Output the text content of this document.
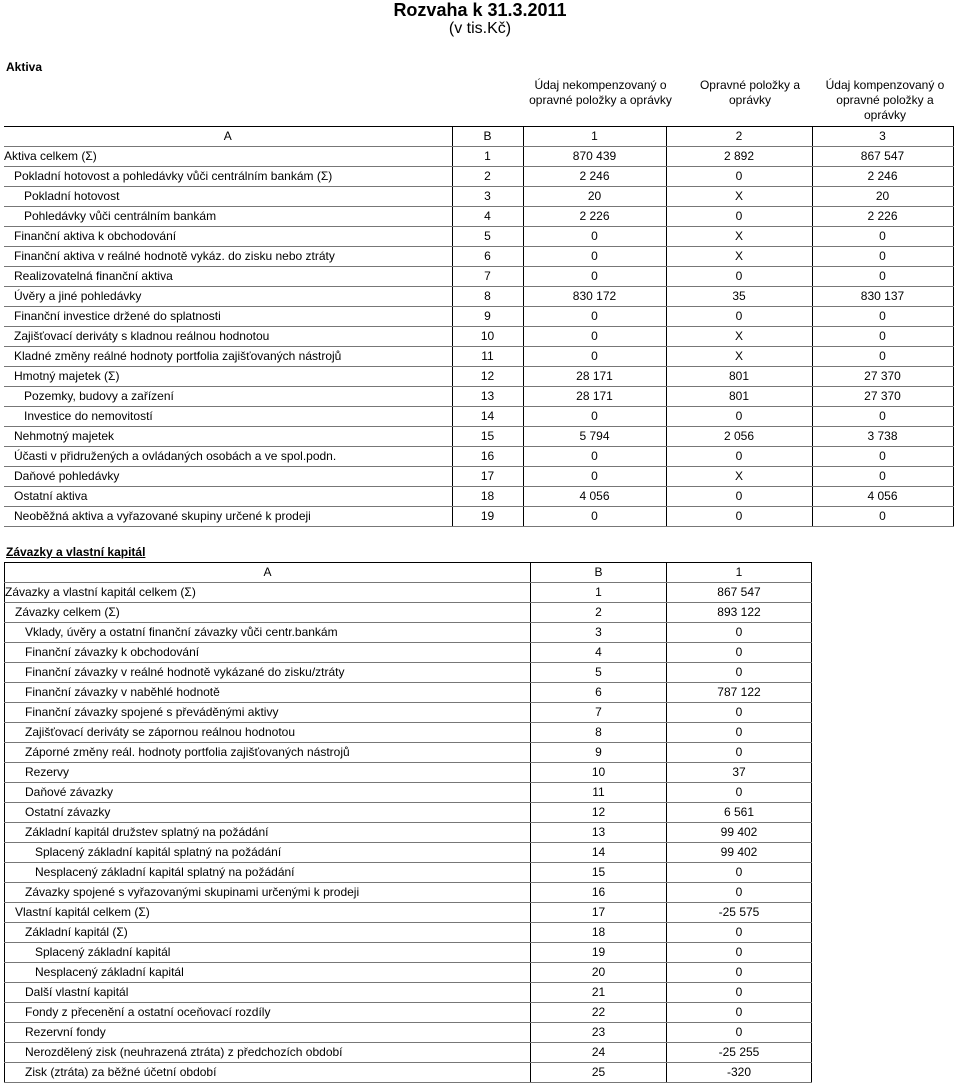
Rozvaha k 31.3.2011
(v tis.Kč)
Aktiva
Údaj nekompenzovaný o opravné položky a oprávky
Opravné položky a oprávky
Údaj kompenzovaný o opravné položky a oprávky
A	B	1	2	3
Aktiva celkem (Σ)	1	870 439	2 892	867 547
Pokladní hotovost a pohledávky vůči centrálním bankám (Σ)	2	2 246	0	2 246
Pokladní hotovost	3	20	X	20
Pohledávky vůči centrálním bankám	4	2 226	0	2 226
Finanční aktiva k obchodování	5	0	X	0
Finanční aktiva v reálné hodnotě vykáz. do zisku nebo ztráty	6	0	X	0
Realizovatelná finanční aktiva	7	0	0	0
Úvěry a jiné pohledávky	8	830 172	35	830 137
Finanční investice držené do splatnosti	9	0	0	0
Zajišťovací deriváty s kladnou reálnou hodnotou	10	0	X	0
Kladné změny reálné hodnoty portfolia zajišťovaných nástrojů	11	0	X	0
Hmotný majetek (Σ)	12	28 171	801	27 370
Pozemky, budovy a zařízení	13	28 171	801	27 370
Investice do nemovitostí	14	0	0	0
Nehmotný majetek	15	5 794	2 056	3 738
Účasti v přidružených a ovládaných osobách a ve spol.podn.	16	0	0	0
Daňové pohledávky	17	0	X	0
Ostatní aktiva	18	4 056	0	4 056
Neoběžná aktiva a vyřazované skupiny určené k prodeji	19	0	0	0
Závazky a vlastní kapitál
A	B	1
Závazky a vlastní kapitál celkem (Σ)	1	867 547
Závazky celkem (Σ)	2	893 122
Vklady, úvěry a ostatní finanční závazky vůči centr.bankám	3	0
Finanční závazky k obchodování	4	0
Finanční závazky v reálné hodnotě vykázané do zisku/ztráty	5	0
Finanční závazky v naběhlé hodnotě	6	787 122
Finanční závazky spojené s převáděnými aktivy	7	0
Zajišťovací deriváty se zápornou reálnou hodnotou	8	0
Záporné změny reál. hodnoty portfolia zajišťovaných nástrojů	9	0
Rezervy	10	37
Daňové závazky	11	0
Ostatní závazky	12	6 561
Základní kapitál družstev splatný na požádání	13	99 402
Splacený základní kapitál splatný na požádání	14	99 402
Nesplacený základní kapitál splatný na požádání	15	0
Závazky spojené s vyřazovanými skupinami určenými k prodeji	16	0
Vlastní kapitál celkem (Σ)	17	-25 575
Základní kapitál (Σ)	18	0
Splacený základní kapitál	19	0
Nesplacený základní kapitál	20	0
Další vlastní kapitál	21	0
Fondy z přecenění a ostatní oceňovací rozdíly	22	0
Rezervní fondy	23	0
Nerozdělený zisk (neuhrazená ztráta) z předchozích období	24	-25 255
Zisk (ztráta) za běžné účetní období	25	-320
